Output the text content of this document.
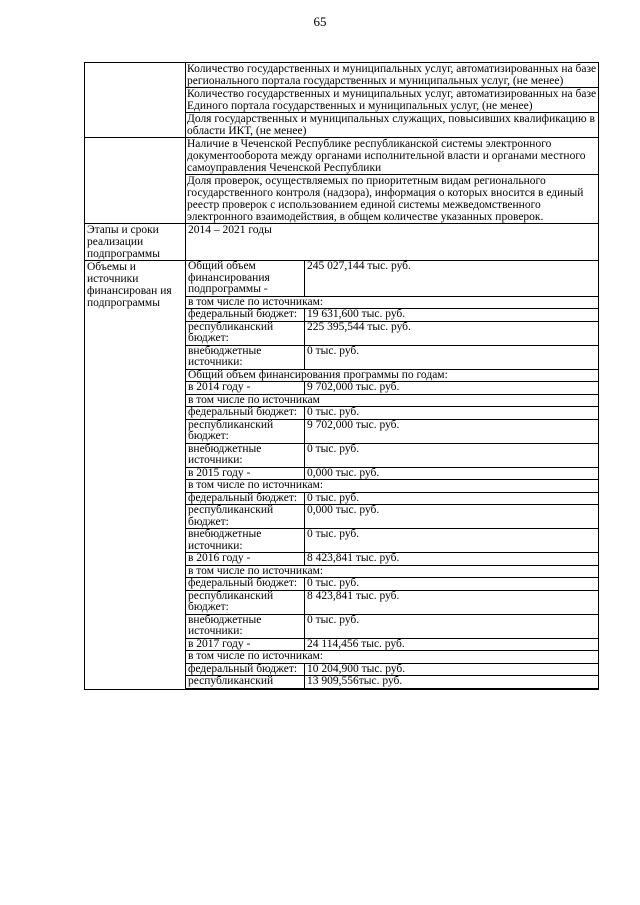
65

Количество государственных и муниципальных услуг, автоматизированных на базе регионального портала государственных и муниципальных услуг, (не менее)
Количество государственных и муниципальных услуг, автоматизированных на базе Единого портала государственных и муниципальных услуг, (не менее)
Доля государственных и муниципальных служащих, повысивших квалификацию в области ИКТ, (не менее)

Наличие в Чеченской Республике республиканской системы электронного документооборота между органами исполнительной власти и органами местного самоуправления Чеченской Республики
Доля проверок, осуществляемых по приоритетным видам регионального государственного контроля (надзора), информация о которых вносится в единый реестр проверок с использованием единой системы межведомственного электронного взаимодействия, в общем количестве указанных проверок.

Этапы и сроки реализации подпрограммы	2014 – 2021 годы
Объемы и источники финансирован ия подпрограммы	
Общий объем финансирования подпрограммы -	245 027,144 тыс. руб.
в том числе по источникам:
федеральный бюджет:	19 631,600 тыс. руб.
республиканский бюджет:	225 395,544 тыс. руб.
внебюджетные источники:	0 тыс. руб.
Общий объем финансирования программы по годам:
в 2014 году -	9 702,000 тыс. руб.
в том числе по источникам
федеральный бюджет:	0 тыс. руб.
республиканский бюджет:	9 702,000 тыс. руб.
внебюджетные источники:	0 тыс. руб.
в 2015 году -	0,000 тыс. руб.
в том числе по источникам:
федеральный бюджет:	0 тыс. руб.
республиканский бюджет:	0,000 тыс. руб.
внебюджетные источники:	0 тыс. руб.
в 2016 году -	8 423,841 тыс. руб.
в том числе по источникам:
федеральный бюджет:	0 тыс. руб.
республиканский бюджет:	8 423,841 тыс. руб.
внебюджетные источники:	0 тыс. руб.
в 2017 году -	24 114,456 тыс. руб.
в том числе по источникам:
федеральный бюджет:	10 204,900 тыс. руб.
республиканский	13 909,556тыс. руб.
